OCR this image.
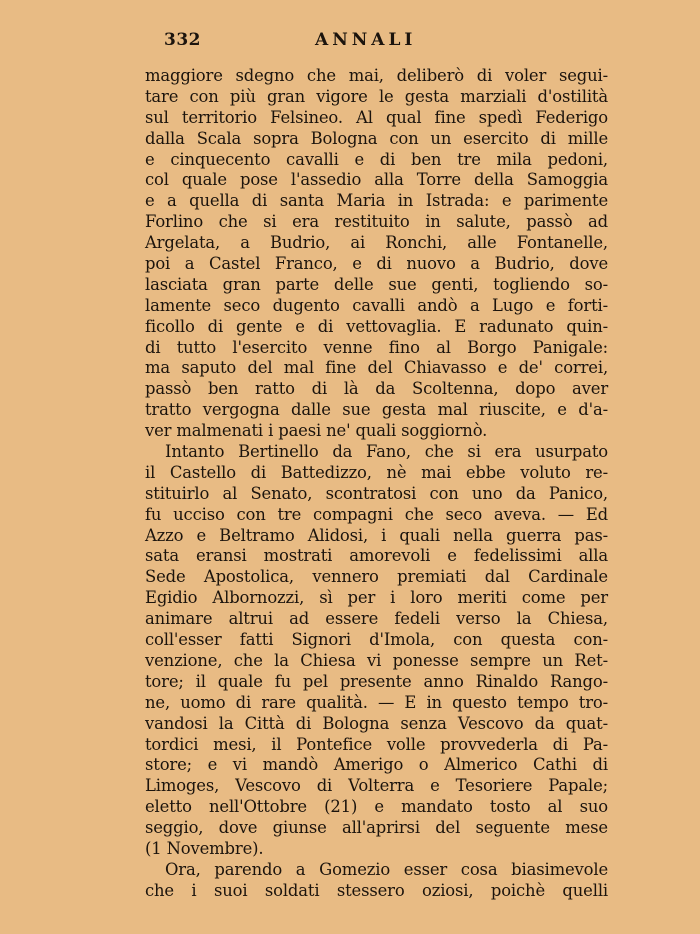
332	ANNALI
maggiore sdegno che mai, deliberò di voler segui-
tare con più gran vigore le gesta marziali d'ostilità
sul territorio Felsineo. Al qual fine spedì Federigo
dalla Scala sopra Bologna con un esercito di mille
e cinquecento cavalli e di ben tre mila pedoni,
col quale pose l'assedio alla Torre della Samoggia
e a quella di santa Maria in Istrada: e parimente
Forlino che si era restituito in salute, passò ad
Argelata, a Budrio, ai Ronchi, alle Fontanelle,
poi a Castel Franco, e di nuovo a Budrio, dove
lasciata gran parte delle sue genti, togliendo so-
lamente seco dugento cavalli andò a Lugo e forti-
ficollo di gente e di vettovaglia. E radunato quin-
di tutto l'esercito venne fino al Borgo Panigale:
ma saputo del mal fine del Chiavasso e de' correi,
passò ben ratto di là da Scoltenna, dopo aver
tratto vergogna dalle sue gesta mal riuscite, e d'a-
ver malmenati i paesi ne' quali soggiornò.
Intanto Bertinello da Fano, che si era usurpato
il Castello di Battedizzo, nè mai ebbe voluto re-
stituirlo al Senato, scontratosi con uno da Panico,
fu ucciso con tre compagni che seco aveva. — Ed
Azzo e Beltramo Alidosi, i quali nella guerra pas-
sata eransi mostrati amorevoli e fedelissimi alla
Sede Apostolica, vennero premiati dal Cardinale
Egidio Albornozzi, sì per i loro meriti come per
animare altrui ad essere fedeli verso la Chiesa,
coll'esser fatti Signori d'Imola, con questa con-
venzione, che la Chiesa vi ponesse sempre un Ret-
tore; il quale fu pel presente anno Rinaldo Rango-
ne, uomo di rare qualità. — E in questo tempo tro-
vandosi la Città di Bologna senza Vescovo da quat-
tordici mesi, il Pontefice volle provvederla di Pa-
store; e vi mandò Amerigo o Almerico Cathi di
Limoges, Vescovo di Volterra e Tesoriere Papale;
eletto nell'Ottobre (21) e mandato tosto al suo
seggio, dove giunse all'aprirsi del seguente mese
(1 Novembre).
Ora, parendo a Gomezio esser cosa biasimevole
che i suoi soldati stessero oziosi, poichè quelli
